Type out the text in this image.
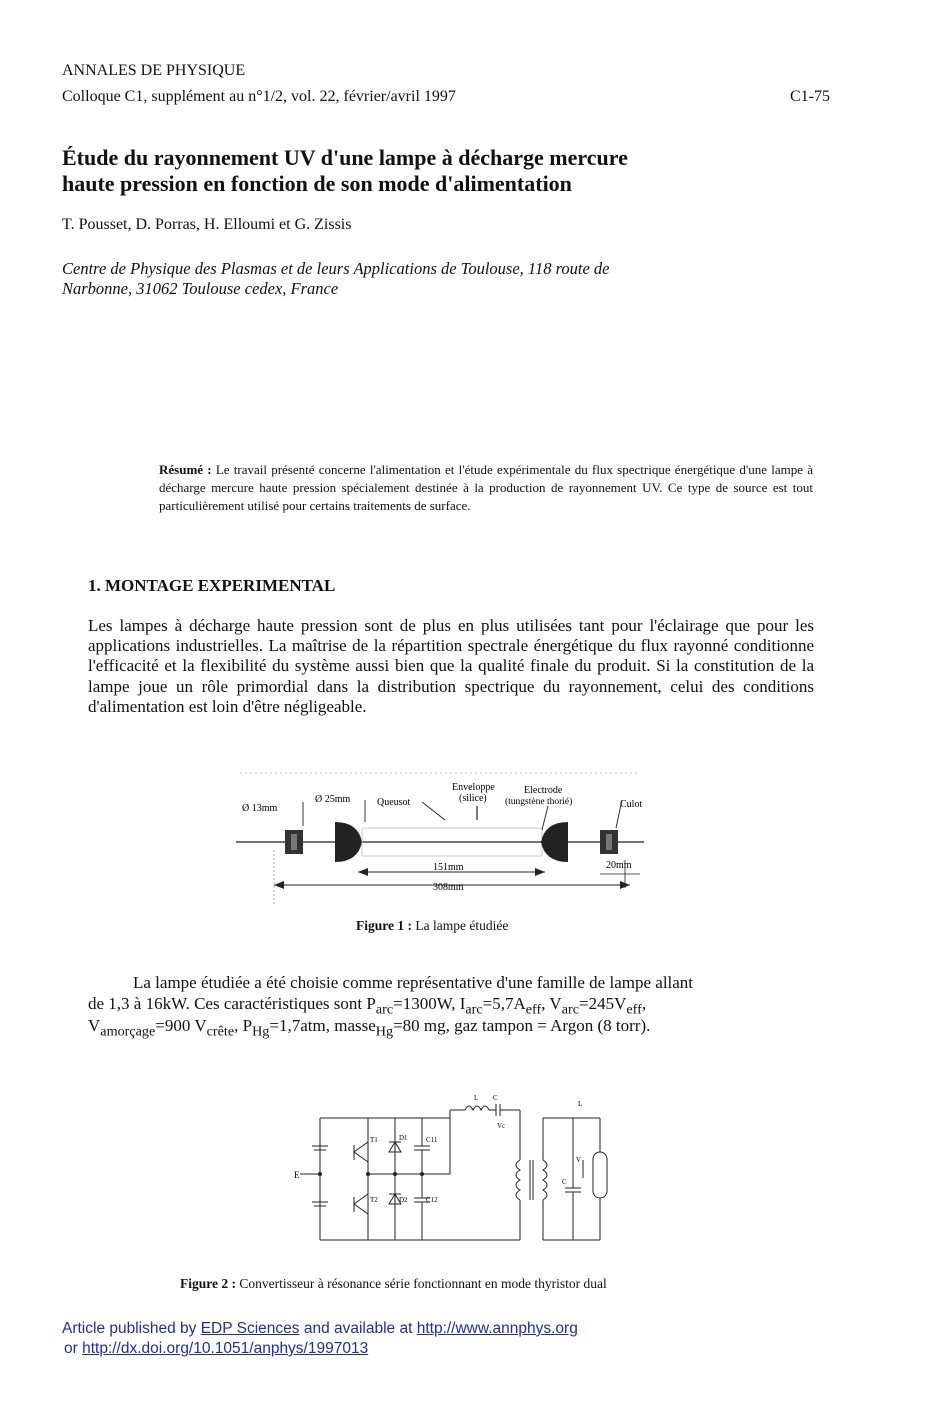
ANNALES DE PHYSIQUE
Colloque C1, supplément au n°1/2, vol. 22, février/avril 1997	C1-75
Étude du rayonnement UV d'une lampe à décharge mercure
haute pression en fonction de son mode d'alimentation
T. Pousset, D. Porras, H. Elloumi et G. Zissis
Centre de Physique des Plasmas et de leurs Applications de Toulouse, 118 route de
Narbonne, 31062 Toulouse cedex, France
Résumé : Le travail présenté concerne l'alimentation et l'étude expérimentale du flux spectrique énergétique d'une lampe à décharge mercure haute pression spécialement destinée à la production de rayonnement UV. Ce type de source est tout particulièrement utilisé pour certains traitements de surface.
1. MONTAGE EXPERIMENTAL
Les lampes à décharge haute pression sont de plus en plus utilisées tant pour l'éclairage que pour les applications industrielles. La maîtrise de la répartition spectrale énergétique du flux rayonné conditionne l'efficacité et la flexibilité du système aussi bien que la qualité finale du produit. Si la constitution de la lampe joue un rôle primordial dans la distribution spectrique du rayonnement, celui des conditions d'alimentation est loin d'être négligeable.
Ø 13mm
Ø 25mm	Queusot
Enveloppe
(silice)
Electrode
(tungstène thorié)	Culot
151mm
308mm
20mm
Figure 1 : La lampe étudiée
La lampe étudiée a été choisie comme représentative d'une famille de lampe allant
de 1,3 à 16kW. Ces caractéristiques sont $P_{arc}=1300W$, $I_{arc}=5,7A_{eff}$, $V_{arc}=245V_{eff}$,
$V_{amorçage}=900$ $V_{crête}$, $P_{Hg}=1,7atm$, masse$_{Hg}$=80 mg, gaz tampon = Argon (8 torr).
E
T1
T2
D1
D2
C11
C12
L C
L
Vc
V
C
Figure 2 : Convertisseur à résonance série fonctionnant en mode thyristor dual
Article published by EDP Sciences and available at http://www.annphys.org
or http://dx.doi.org/10.1051/anphys/1997013
